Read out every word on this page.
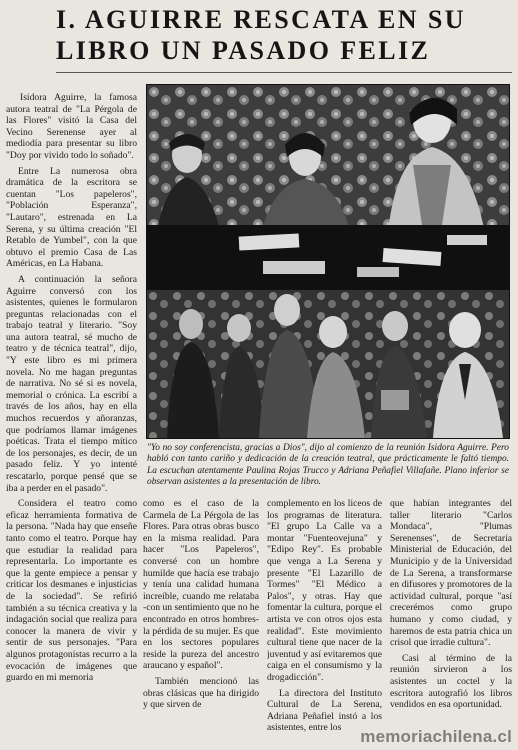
I. AGUIRRE RESCATA EN SU
LIBRO UN PASADO FELIZ

Isidora Aguirre, la famosa autora teatral de "La Pérgola de las Flores" visitó la Casa del Vecino Serenense ayer al mediodía para presentar su libro "Doy por vivido todo lo soñado".

Entre La numerosa obra dramática de la escritora se cuentan "Los papeleros", "Población Esperanza", "Lautaro", estrenada en La Serena, y su última creación "El Retablo de Yumbel", con la que obtuvo el premio Casa de Las Américas, en La Habana.

A continuación la señora Aguirre conversó con los asistentes, quienes le formularon preguntas relacionadas con el trabajo teatral y literario. "Soy una autora teatral, sé mucho de teatro y de técnica teatral", dijo, "Y este libro es mi primera novela. No me hagan preguntas de narrativa. No sé si es novela, memorial o crónica. La escribí a través de los años, hay en ella muchos recuerdos y añoranzas, que podríamos llamar imágenes poéticas. Trata el tiempo mítico de los personajes, es decir, de un pasado feliz. Y yo intenté rescatarlo, porque pensé que se iba a perder en el pasado".

Considera el teatro como eficaz herramienta formativa de la persona. "Nada hay que enseñe tanto como el teatro. Porque hay que estudiar la realidad para representarla. Lo importante es que la gente empiece a pensar y criticar los desmanes e injusticias de la sociedad". Se refirió también a su técnica creativa y la indagación social que realiza para conocer la manera de vivir y sentir de sus personajes. "Para algunos protagonistas recurro a la evocación de imágenes que guardo en mi memoria

"Yo no soy conferencista, gracias a Dios", dijo al comienzo de la reunión Isidora Aguirre. Pero habló con tanto cariño y dedicación de la creación teatral, que prácticamente le faltó tiempo. La escuchan atentamente Paulina Rojas Trucco y Adriana Peñafiel Villafañe. Plano inferior se observan asistentes a la presentación de libro.

como es el caso de la Carmela de La Pérgola de las Flores. Para otras obras busco en la misma realidad. Para hacer "Los Papeleros", conversé con un hombre humilde que hacía ese trabajo y tenía una calidad humana increíble, cuando me relataba -con un sentimiento que no he encontrado en otros hombres- la pérdida de su mujer. Es que en los sectores populares reside la pureza del ancestro araucano y español".

También mencionó las obras clásicas que ha dirigido y que sirven de

complemento en los liceos de los programas de literatura. "El grupo La Calle va a montar "Fuenteovejuna" y "Edipo Rey". Es probable que venga a La Serena y presente "El Lazarillo de Tormes" "El Médico a Palos", y otras. Hay que fomentar la cultura, porque el artista ve con otros ojos esta realidad". Este movimiento cultural tiene que nacer de la juventud y así evitaremos que caiga en el consumismo y la drogadicción".

La directora del Instituto Cultural de La Serena, Adriana Peñafiel instó a los asistentes, entre los

que habían integrantes del taller literario "Carlos Mondaca", "Plumas Serenenses", de Secretaría Ministerial de Educación, del Municipio y de la Universidad de La Serena, a transformarse en difusores y promotores de la actividad cultural, porque "así crecerémos como grupo humano y como ciudad, y haremos de esta patria chica un crisol que irradie cultura".

Casi al término de la reunión sirvieron a los asistentes un coctel y la escritora autografió los libros vendidos en esa oportunidad.

memoriachilena.cl
